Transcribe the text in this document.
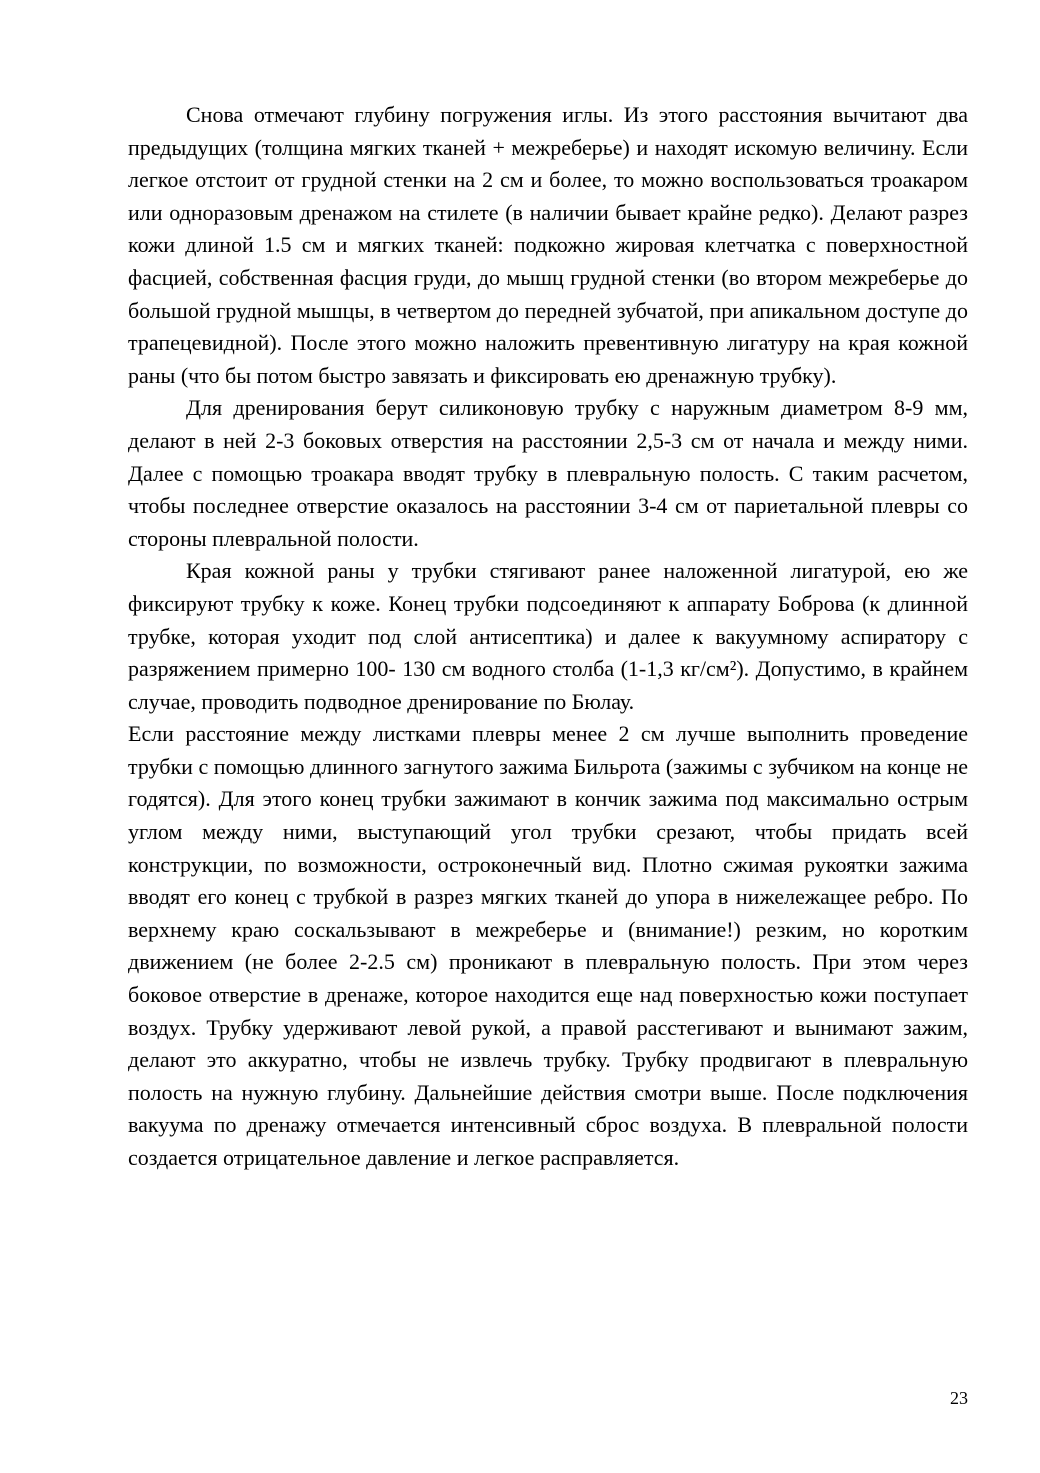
Снова отмечают глубину погружения иглы. Из этого расстояния вычитают два предыдущих (толщина мягких тканей + межреберье) и находят искомую величину. Если легкое отстоит от грудной стенки на 2 см и более, то можно воспользоваться троакаром или одноразовым дренажом на стилете (в наличии бывает крайне редко). Делают разрез кожи длиной 1.5 см и мягких тканей: подкожно жировая клетчатка с поверхностной фасцией, собственная фасция груди, до мышц грудной стенки (во втором межреберье до большой грудной мышцы, в четвертом до передней зубчатой, при апикальном доступе до трапецевидной). После этого можно наложить превентивную лигатуру на края кожной раны (что бы потом быстро завязать и фиксировать ею дренажную трубку).

Для дренирования берут силиконовую трубку с наружным диаметром 8-9 мм, делают в ней 2-3 боковых отверстия на расстоянии 2,5-3 см от начала и между ними. Далее с помощью троакара вводят трубку в плевральную полость. С таким расчетом, чтобы последнее отверстие оказалось на расстоянии 3-4 см от париетальной плевры со стороны плевральной полости.

Края кожной раны у трубки стягивают ранее наложенной лигатурой, ею же фиксируют трубку к коже. Конец трубки подсоединяют к аппарату Боброва (к длинной трубке, которая уходит под слой антисептика) и далее к вакуумному аспиратору с разряжением примерно 100- 130 см водного столба (1-1,3 кг/см²). Допустимо, в крайнем случае, проводить подводное дренирование по Бюлау.

Если расстояние между листками плевры менее 2 см лучше выполнить проведение трубки с помощью длинного загнутого зажима Бильрота (зажимы с зубчиком на конце не годятся). Для этого конец трубки зажимают в кончик зажима под максимально острым углом между ними, выступающий угол трубки срезают, чтобы придать всей конструкции, по возможности, остроконечный вид. Плотно сжимая рукоятки зажима вводят его конец с трубкой в разрез мягких тканей до упора в нижележащее ребро. По верхнему краю соскальзывают в межреберье и (внимание!) резким, но коротким движением (не более 2-2.5 см) проникают в плевральную полость. При этом через боковое отверстие в дренаже, которое находится еще над поверхностью кожи поступает воздух. Трубку удерживают левой рукой, а правой расстегивают и вынимают зажим, делают это аккуратно, чтобы не извлечь трубку. Трубку продвигают в плевральную полость на нужную глубину. Дальнейшие действия смотри выше. После подключения вакуума по дренажу отмечается интенсивный сброс воздуха. В плевральной полости создается отрицательное давление и легкое расправляется.

23
